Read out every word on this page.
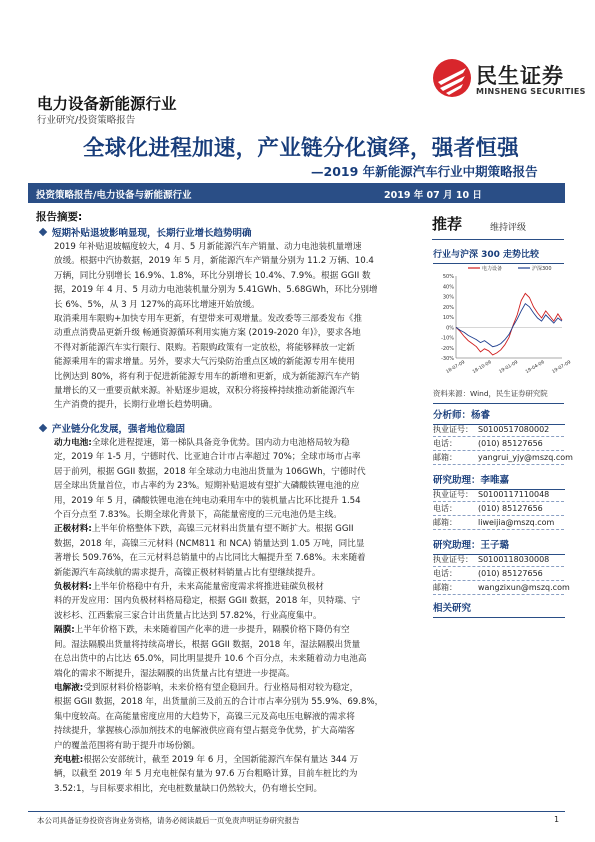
民生证券
MINSHENG SECURITIES
电力设备新能源行业
行业研究/投资策略报告
全球化进程加速，产业链分化演绎，强者恒强
—2019 年新能源汽车行业中期策略报告
投资策略报告/电力设备与新能源行业	2019 年 07 月 10 日
报告摘要:
短期补贴退坡影响显现，长期行业增长趋势明确
2019 年补贴退坡幅度较大，4 月、5 月新能源汽车产销量、动力电池装机量增速
放缓。根据中汽协数据，2019 年 5 月，新能源汽车产销量分别为 11.2 万辆、10.4
万辆，同比分别增长 16.9%、1.8%，环比分别增长 10.4%、7.9%。根据 GGII 数
据，2019 年 4 月、5 月动力电池装机量分别为 5.41GWh、5.68GWh，环比分别增
长 6%、5%，从 3 月 127%的高环比增速开始放缓。
取消乘用车限购+加快专用车更新，有望带来可观增量。发改委等三部委发布《推
动重点消费品更新升级 畅通资源循环利用实施方案 (2019-2020 年)》，要求各地
不得对新能源汽车实行限行、限购。若限购政策有一定放松，将能够释放一定新
能源乘用车的需求增量。另外，要求大气污染防治重点区域的新能源专用车使用
比例达到 80%，将有利于促进新能源专用车的新增和更新，成为新能源汽车产销
量增长的又一重要贡献来源。补贴逐步退坡，双积分将接棒持续推动新能源汽车
生产消费的提升，长期行业增长趋势明确。
产业链分化发展，强者地位稳固
动力电池:全球化进程提速，第一梯队具备竞争优势。国内动力电池格局较为稳
定，2019 年 1-5 月，宁德时代、比亚迪合计市占率超过 70%；全球市场市占率
居于前列，根据 GGII 数据，2018 年全球动力电池出货量为 106GWh，宁德时代
居全球出货量首位，市占率约为 23%。短期补贴退坡有望扩大磷酸铁锂电池的应
用，2019 年 5 月，磷酸铁锂电池在纯电动乘用车中的装机量占比环比提升 1.54
个百分点至 7.83%。长期全球化背景下，高能量密度的三元电池仍是主线。
正极材料:上半年价格整体下跌，高镍三元材料出货量有望不断扩大。根据 GGII
数据，2018 年，高镍三元材料 (NCM811 和 NCA) 销量达到 1.05 万吨，同比显
著增长 509.76%，在三元材料总销量中的占比同比大幅提升至 7.68%。未来随着
新能源汽车高续航的需求提升，高镍正极材料销量占比有望继续提升。
负极材料:上半年价格稳中有升，未来高能量密度需求将推进硅碳负极材
料的开发应用：国内负极材料格局稳定，根据 GGII 数据，2018 年，贝特瑞、宁
波杉杉、江西紫宸三家合计出货量占比达到 57.82%，行业高度集中。
隔膜:上半年价格下跌，未来随着国产化率的进一步提升，隔膜价格下降仍有空
间。湿法隔膜出货量将持续高增长，根据 GGII 数据，2018 年，湿法隔膜出货量
在总出货中的占比达 65.0%，同比明显提升 10.6 个百分点，未来随着动力电池高
端化的需求不断提升，湿法隔膜的出货量占比有望进一步提高。
电解液:受到原材料价格影响，未来价格有望企稳回升。行业格局相对较为稳定，
根据 GGII 数据，2018 年，出货量前三及前五的合计市占率分别为 55.9%、69.8%，
集中度较高。在高能量密度应用的大趋势下，高镍三元及高电压电解液的需求将
持续提升，掌握核心添加剂技术的电解液供应商有望占据竞争优势，扩大高端客
户的覆盖范围将有助于提升市场份额。
充电桩:根据公安部统计，截至 2019 年 6 月，全国新能源汽车保有量达 344 万
辆，以截至 2019 年 5 月充电桩保有量为 97.6 万台粗略计算，目前车桩比约为
3.52:1，与目标要求相比，充电桩数量缺口仍然较大，仍有增长空间。
推荐	维持评级
行业与沪深 300 走势比较
50%
40%
30%
20%
10%
0%
-10%
-20%
-30%
18-07-09 18-10-09 19-01-09 19-04-09 19-07-09
电力设备	沪深300
资料来源：Wind，民生证券研究院
分析师：杨睿
执业证号： S0100517080002
电话：	(010) 85127656
邮箱：	yangrui_yjy@mszq.com
研究助理：李唯嘉
执业证号： S0100117110048
电话：	(010) 85127656
邮箱：	liweijia@mszq.com
研究助理：王子璐
执业证号： S0100118030008
电话：	(010) 85127656
邮箱：	wangzixun@mszq.com
相关研究
本公司具备证券投资咨询业务资格，请务必阅读最后一页免责声明证券研究报告	1
